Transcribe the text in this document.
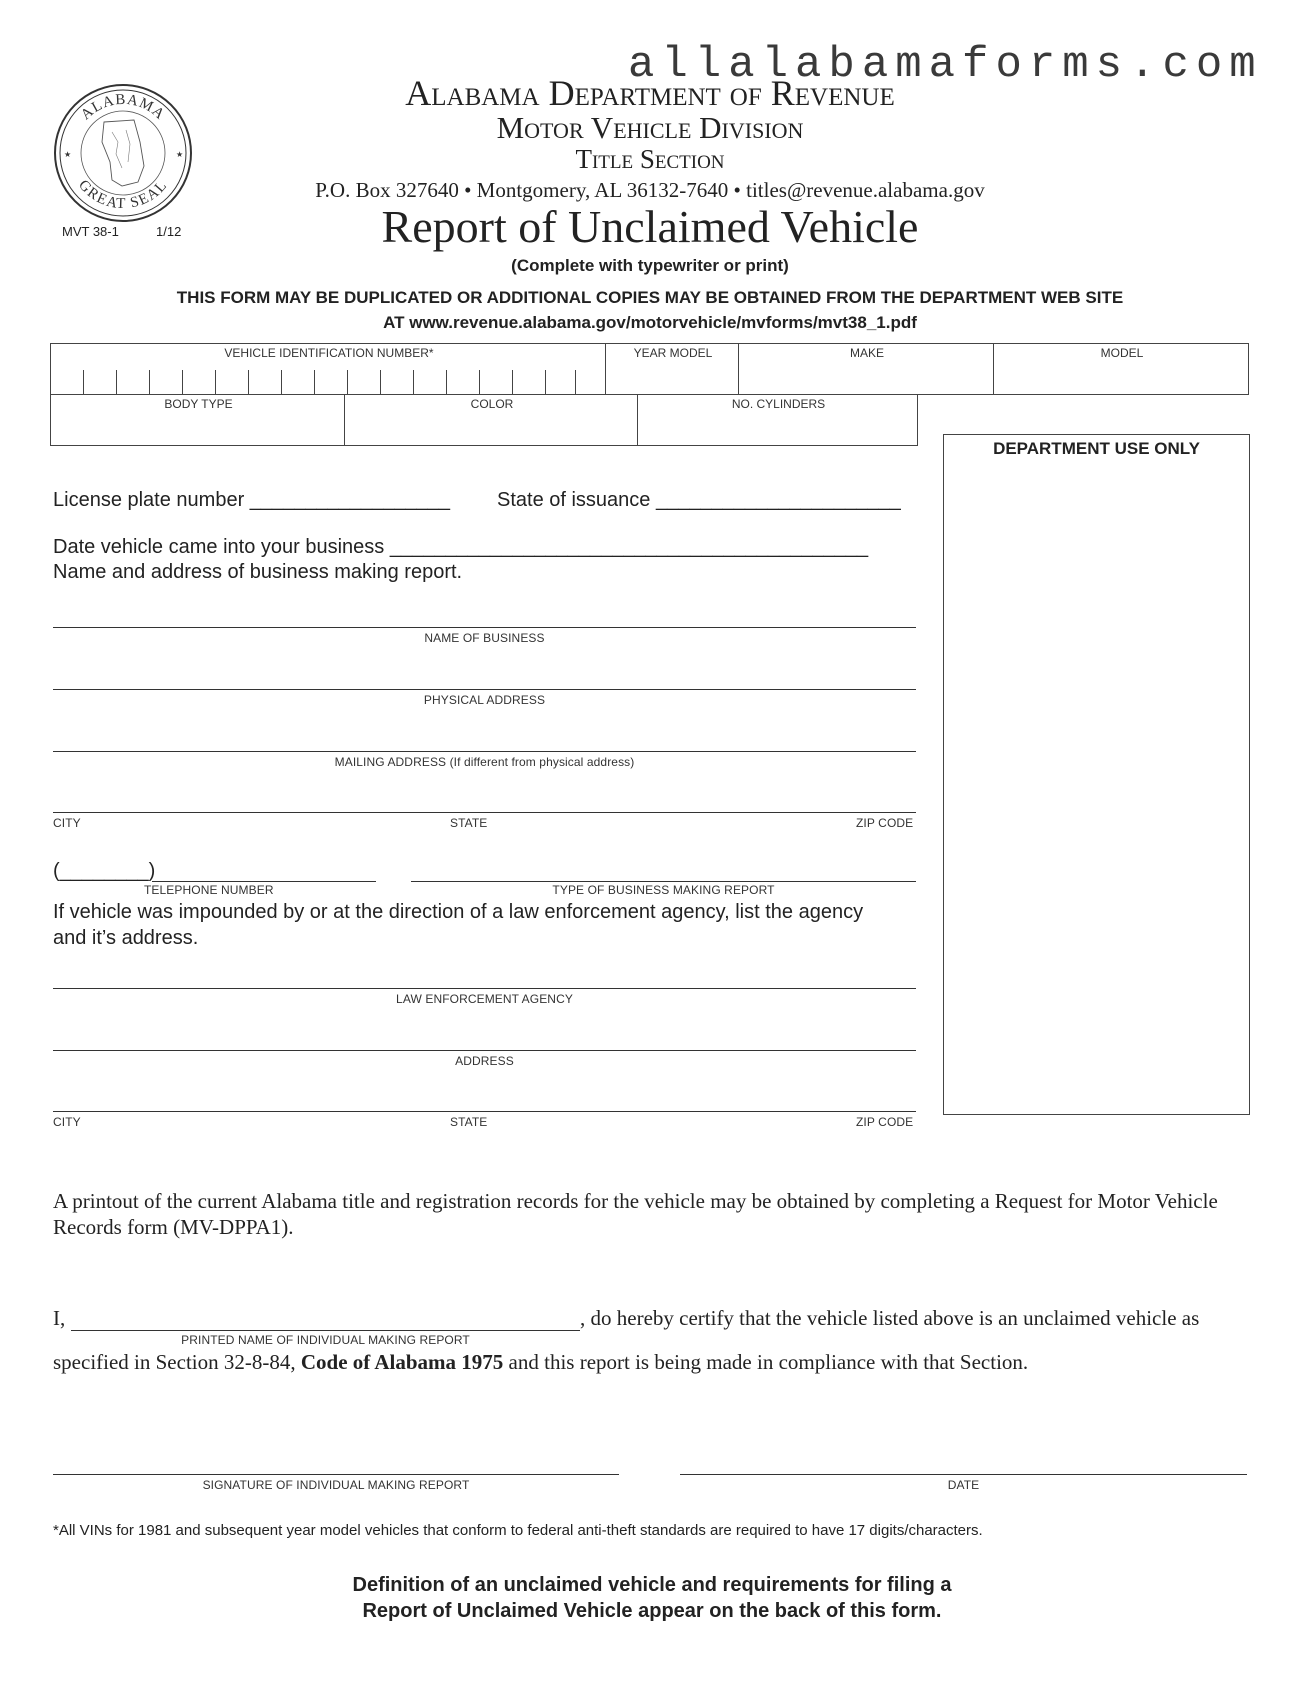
allalabamaforms.com
ALABAMA
GREAT SEAL
★	★
MVT 38-1	1/12
Alabama Department of Revenue
Motor Vehicle Division
Title Section
P.O. Box 327640 • Montgomery, AL 36132-7640 • titles@revenue.alabama.gov
Report of Unclaimed Vehicle
(Complete with typewriter or print)
THIS FORM MAY BE DUPLICATED OR ADDITIONAL COPIES MAY BE OBTAINED FROM THE DEPARTMENT WEB SITE
AT www.revenue.alabama.gov/motorvehicle/mvforms/mvt38_1.pdf
VEHICLE IDENTIFICATION NUMBER*	YEAR MODEL	MAKE	MODEL
BODY TYPE	COLOR	NO. CYLINDERS
DEPARTMENT USE ONLY
License plate number __________________ State of issuance ______________________
Date vehicle came into your business ___________________________________________
Name and address of business making report.
NAME OF BUSINESS
PHYSICAL ADDRESS
MAILING ADDRESS (If different from physical address)
CITY	STATE	ZIP CODE
(________)
TELEPHONE NUMBER	TYPE OF BUSINESS MAKING REPORT
If vehicle was impounded by or at the direction of a law enforcement agency, list the agency and it’s address.
LAW ENFORCEMENT AGENCY
ADDRESS
CITY	STATE	ZIP CODE
A printout of the current Alabama title and registration records for the vehicle may be obtained by completing a Request for Motor Vehicle Records form (MV-DPPA1).
I,
PRINTED NAME OF INDIVIDUAL MAKING REPORT
, do hereby certify that the vehicle listed above is an unclaimed vehicle as
specified in Section 32-8-84, Code of Alabama 1975 and this report is being made in compliance with that Section.
SIGNATURE OF INDIVIDUAL MAKING REPORT	DATE
*All VINs for 1981 and subsequent year model vehicles that conform to federal anti-theft standards are required to have 17 digits/characters.
Definition of an unclaimed vehicle and requirements for filing a
Report of Unclaimed Vehicle appear on the back of this form.
